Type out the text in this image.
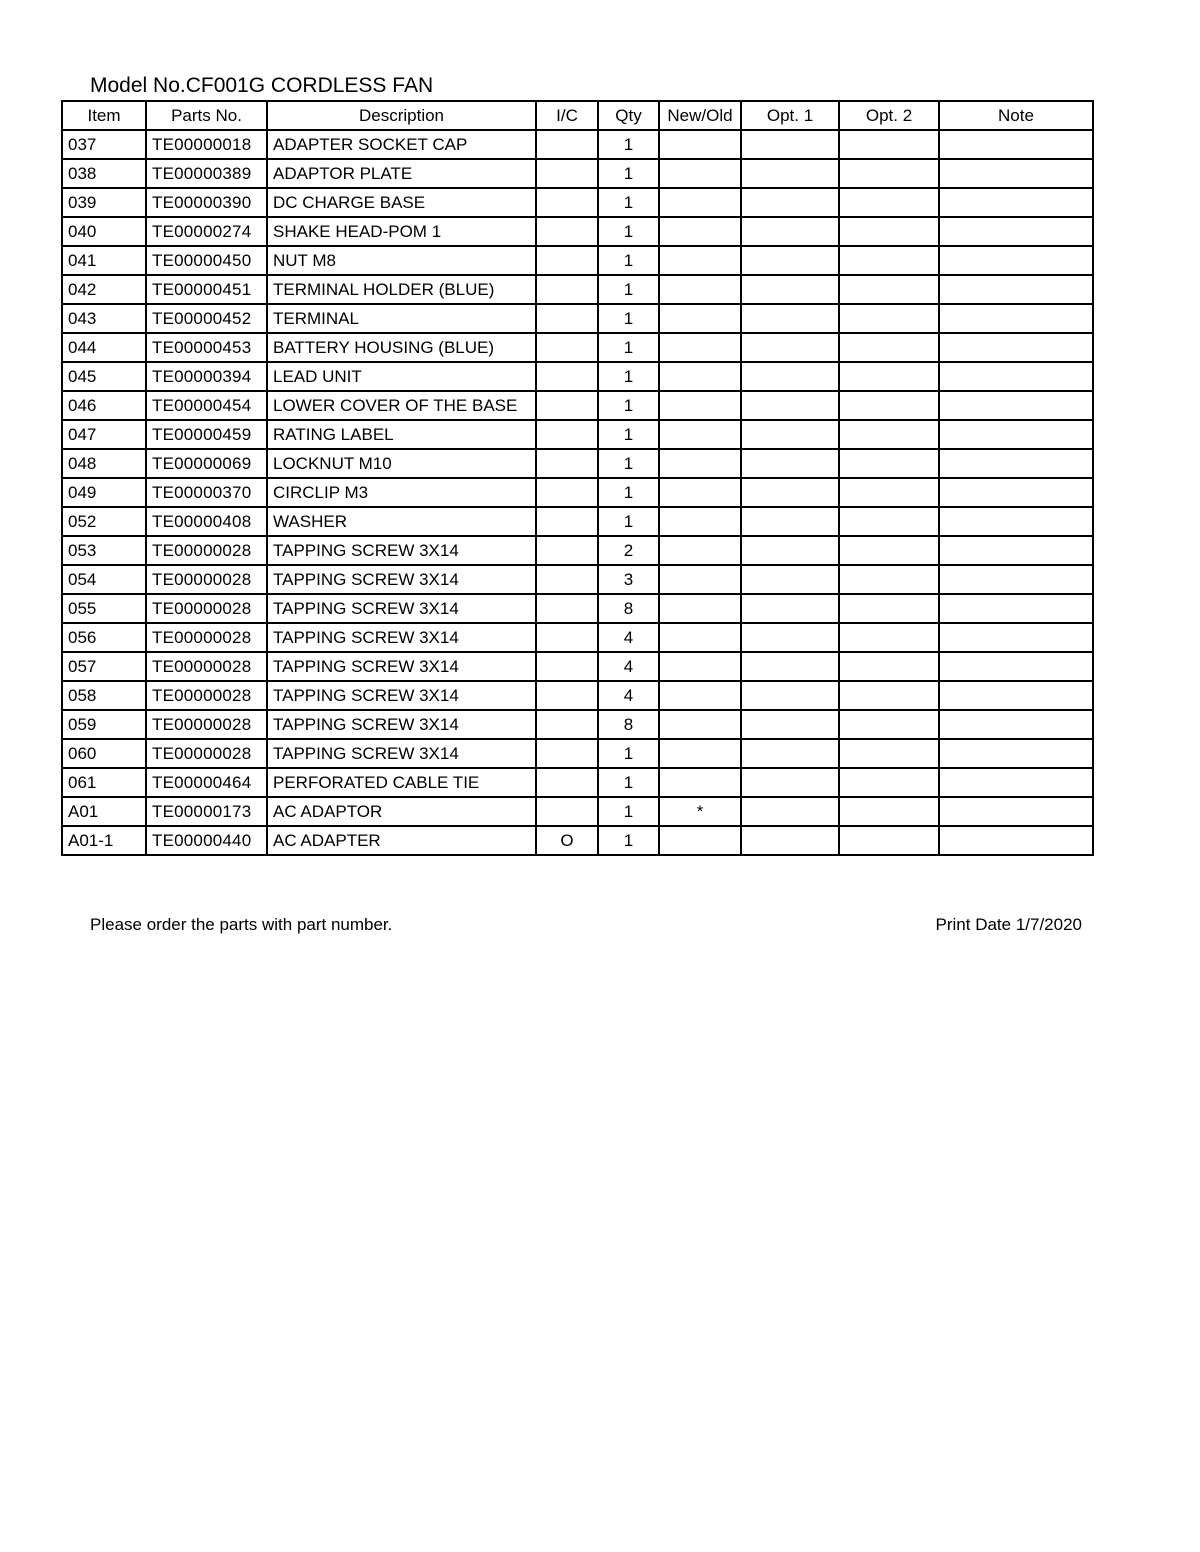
Model No.CF001G CORDLESS FAN
Item	Parts No.	Description	I/C	Qty	New/Old	Opt. 1	Opt. 2	Note
037	TE00000018	ADAPTER SOCKET CAP		1				
038	TE00000389	ADAPTOR PLATE		1				
039	TE00000390	DC CHARGE BASE		1				
040	TE00000274	SHAKE HEAD-POM 1		1				
041	TE00000450	NUT M8		1				
042	TE00000451	TERMINAL HOLDER (BLUE)		1				
043	TE00000452	TERMINAL		1				
044	TE00000453	BATTERY HOUSING (BLUE)		1				
045	TE00000394	LEAD UNIT		1				
046	TE00000454	LOWER COVER OF THE BASE		1				
047	TE00000459	RATING LABEL		1				
048	TE00000069	LOCKNUT M10		1				
049	TE00000370	CIRCLIP M3		1				
052	TE00000408	WASHER		1				
053	TE00000028	TAPPING SCREW 3X14		2				
054	TE00000028	TAPPING SCREW 3X14		3				
055	TE00000028	TAPPING SCREW 3X14		8				
056	TE00000028	TAPPING SCREW 3X14		4				
057	TE00000028	TAPPING SCREW 3X14		4				
058	TE00000028	TAPPING SCREW 3X14		4				
059	TE00000028	TAPPING SCREW 3X14		8				
060	TE00000028	TAPPING SCREW 3X14		1				
061	TE00000464	PERFORATED CABLE TIE		1				
A01	TE00000173	AC ADAPTOR		1	*			
A01-1	TE00000440	AC ADAPTER	O	1				
Please order the parts with part number.	Print Date 1/7/2020
